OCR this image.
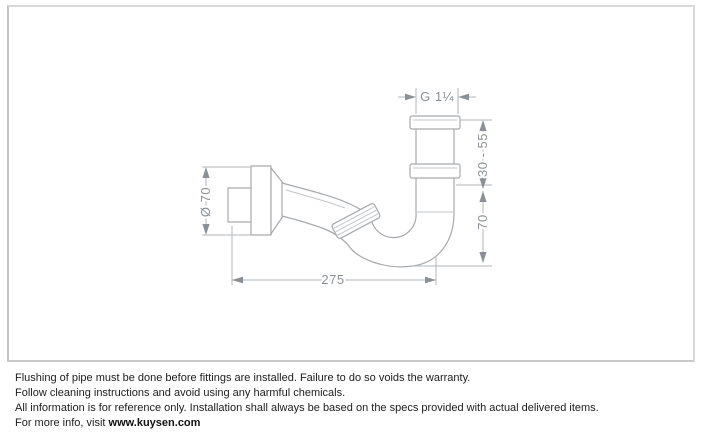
G 1¼
30 - 55
70
Ø 70
275
Flushing of pipe must be done before fittings are installed. Failure to do so voids the warranty.
Follow cleaning instructions and avoid using any harmful chemicals.
All information is for reference only. Installation shall always be based on the specs provided with actual delivered items.
For more info, visit www.kuysen.com
